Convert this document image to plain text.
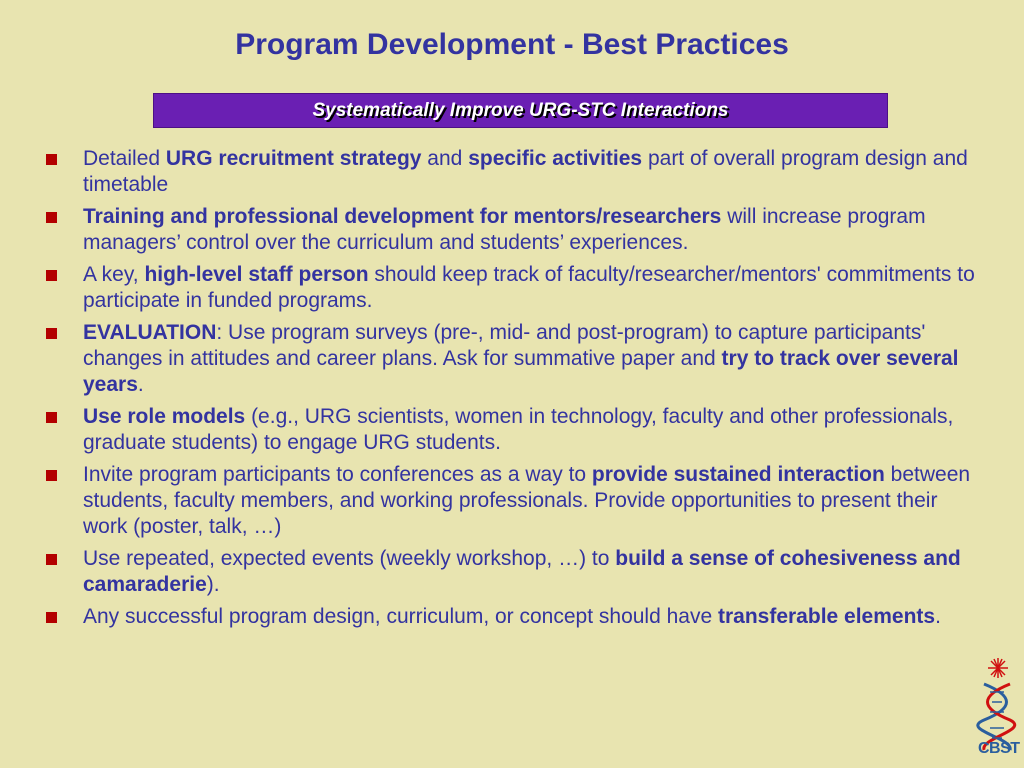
Program Development - Best Practices
Systematically Improve URG-STC Interactions
Detailed URG recruitment strategy and specific activities part of overall program design and timetable
Training and professional development for mentors/researchers will increase program managers’ control over the curriculum and students’ experiences.
A key, high-level staff person should keep track of faculty/researcher/mentors' commitments to participate in funded programs.
EVALUATION: Use program surveys (pre-, mid- and post-program) to capture participants' changes in attitudes and career plans. Ask for summative paper and try to track over several years.
Use role models (e.g., URG scientists, women in technology, faculty and other professionals, graduate students) to engage URG students.
Invite program participants to conferences as a way to provide sustained interaction between students, faculty members, and working professionals. Provide opportunities to present their work (poster, talk, …)
Use repeated, expected events (weekly workshop, …) to build a sense of cohesiveness and camaraderie).
Any successful program design, curriculum, or concept should have transferable elements.
CBST
